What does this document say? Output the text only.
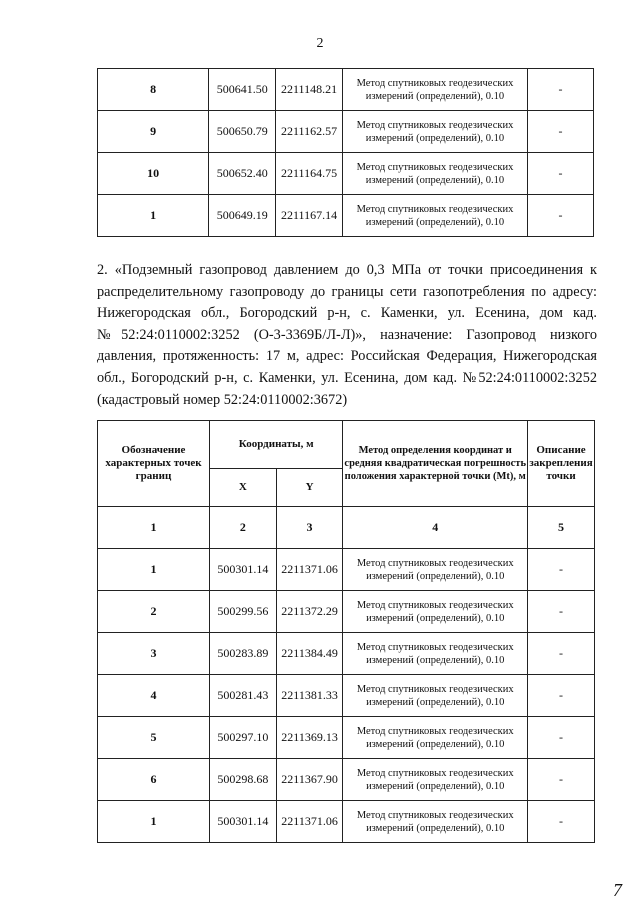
2
8	500641.50	2211148.21	Метод спутниковых геодезических измерений (определений), 0.10	-
9	500650.79	2211162.57	Метод спутниковых геодезических измерений (определений), 0.10	-
10	500652.40	2211164.75	Метод спутниковых геодезических измерений (определений), 0.10	-
1	500649.19	2211167.14	Метод спутниковых геодезических измерений (определений), 0.10	-
2. «Подземный газопровод давлением до 0,3 МПа от точки присоединения к
распределительному газопроводу до границы сети газопотребления по адресу:
Нижегородская обл., Богородский р-н, с. Каменки, ул. Есенина, дом кад.
№52:24:0110002:3252 (О-3-3369Б/Л-Л)», назначение: Газопровод низкого
давления, протяженность: 17 м, адрес: Российская Федерация, Нижегородская
обл., Богородский р-н, с. Каменки, ул. Есенина, дом кад. №52:24:0110002:3252
(кадастровый номер 52:24:0110002:3672)
Обозначение характерных точек границ	Координаты, м		Метод определения координат и средняя квадратическая погрешность положения характерной точки (Mt), м	Описание закрепления точки
	X	Y		
1	2	3	4	5
1	500301.14	2211371.06	Метод спутниковых геодезических измерений (определений), 0.10	-
2	500299.56	2211372.29	Метод спутниковых геодезических измерений (определений), 0.10	-
3	500283.89	2211384.49	Метод спутниковых геодезических измерений (определений), 0.10	-
4	500281.43	2211381.33	Метод спутниковых геодезических измерений (определений), 0.10	-
5	500297.10	2211369.13	Метод спутниковых геодезических измерений (определений), 0.10	-
6	500298.68	2211367.90	Метод спутниковых геодезических измерений (определений), 0.10	-
1	500301.14	2211371.06	Метод спутниковых геодезических измерений (определений), 0.10	-
7
